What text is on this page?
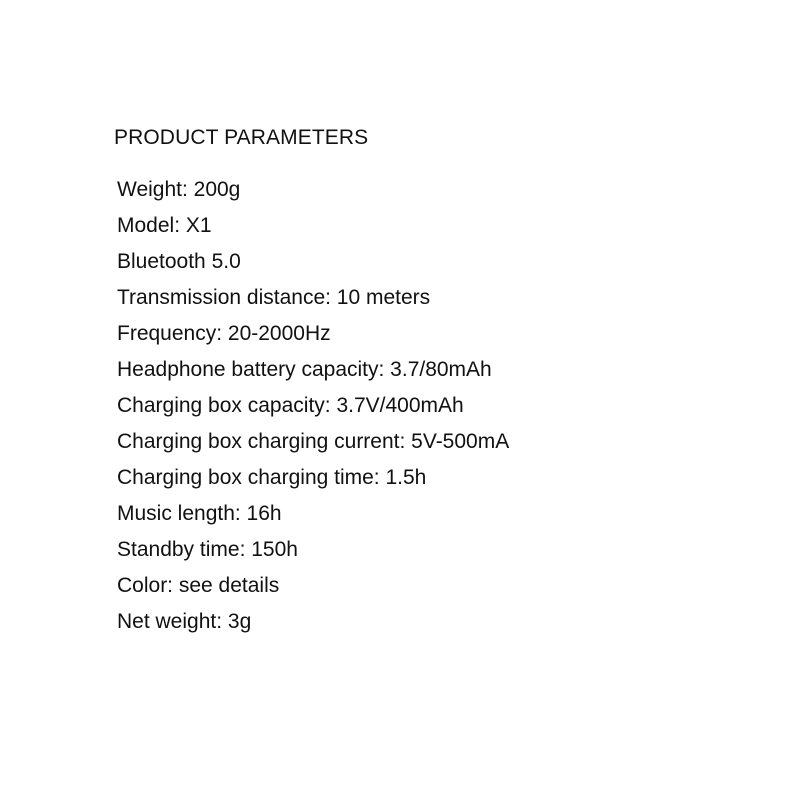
PRODUCT PARAMETERS
Weight: 200g
Model: X1
Bluetooth 5.0
Transmission distance: 10 meters
Frequency: 20-2000Hz
Headphone battery capacity: 3.7/80mAh
Charging box capacity: 3.7V/400mAh
Charging box charging current: 5V-500mA
Charging box charging time: 1.5h
Music length: 16h
Standby time: 150h
Color: see details
Net weight: 3g
